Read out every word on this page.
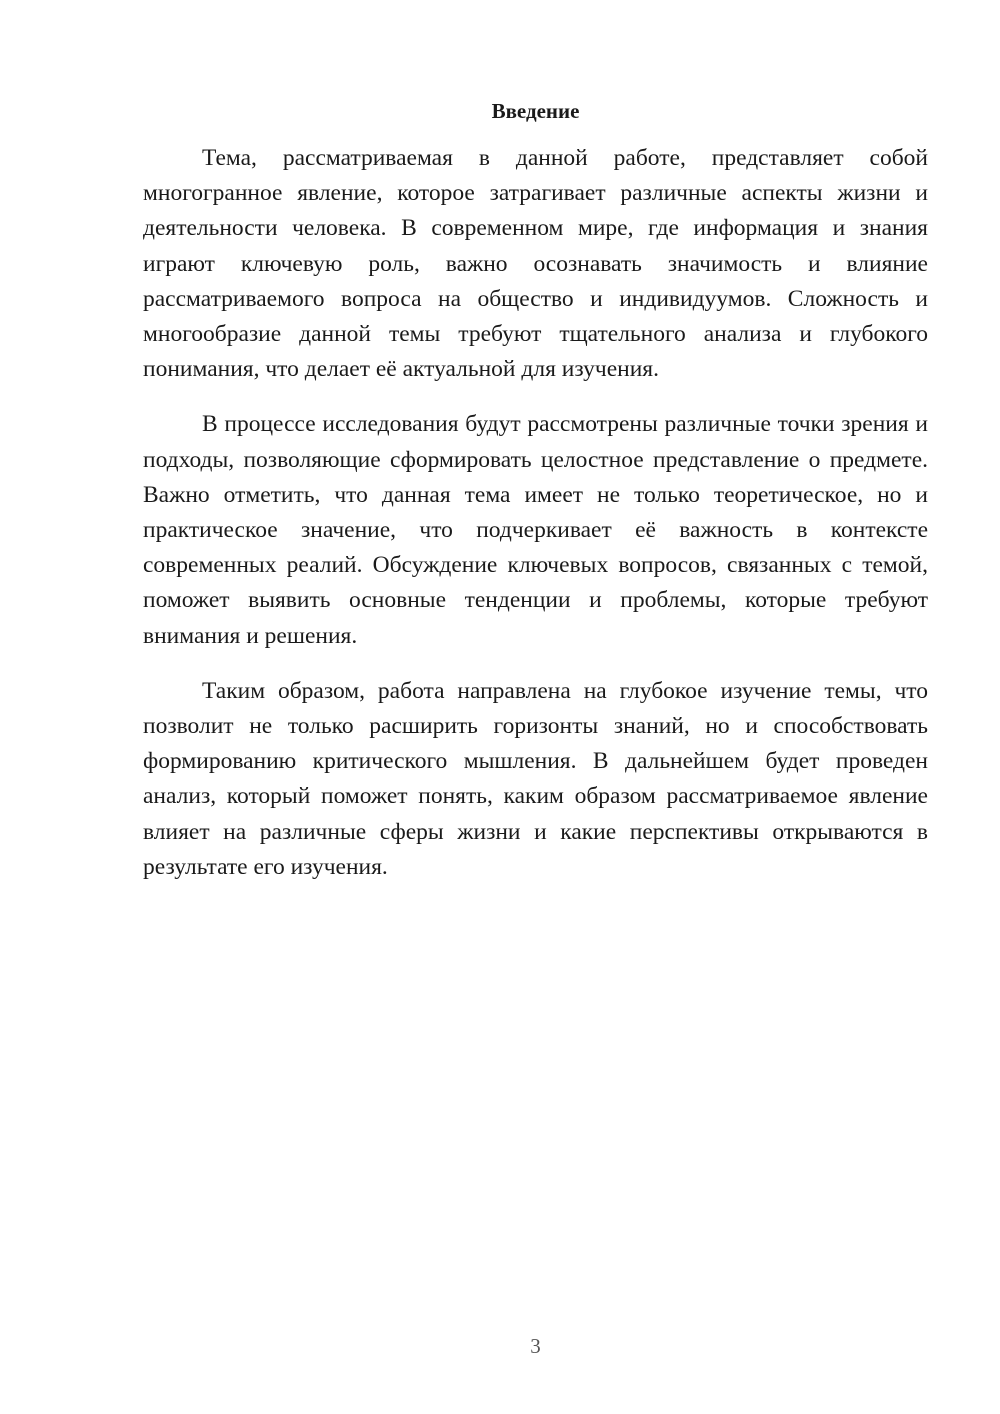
Введение

Тема, рассматриваемая в данной работе, представляет собой многогранное явление, которое затрагивает различные аспекты жизни и деятельности человека. В современном мире, где информация и знания играют ключевую роль, важно осознавать значимость и влияние рассматриваемого вопроса на общество и индивидуумов. Сложность и многообразие данной темы требуют тщательного анализа и глубокого понимания, что делает её актуальной для изучения.

В процессе исследования будут рассмотрены различные точки зрения и подходы, позволяющие сформировать целостное представление о предмете. Важно отметить, что данная тема имеет не только теоретическое, но и практическое значение, что подчеркивает её важность в контексте современных реалий. Обсуждение ключевых вопросов, связанных с темой, поможет выявить основные тенденции и проблемы, которые требуют внимания и решения.

Таким образом, работа направлена на глубокое изучение темы, что позволит не только расширить горизонты знаний, но и способствовать формированию критического мышления. В дальнейшем будет проведен анализ, который поможет понять, каким образом рассматриваемое явление влияет на различные сферы жизни и какие перспективы открываются в результате его изучения.

3
